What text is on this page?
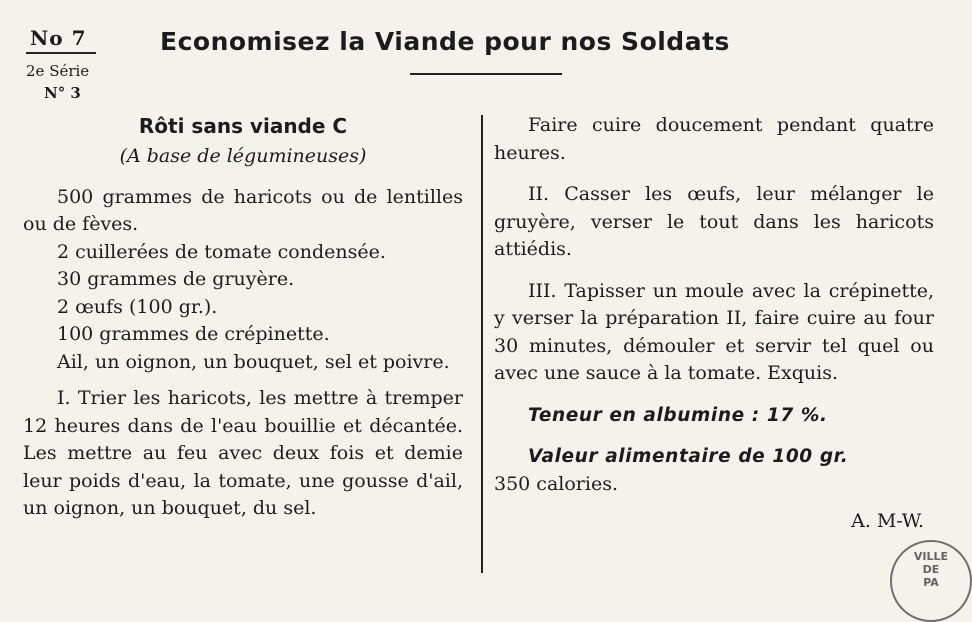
No 7
2e Série
N° 3
Economisez la Viande pour nos Soldats
Rôti sans viande C
(A base de légumineuses)

500 grammes de haricots ou de lentilles ou de fèves.

2 cuillerées de tomate condensée.

30 grammes de gruyère.

2 œufs (100 gr.).

100 grammes de crépinette.

Ail, un oignon, un bouquet, sel et poivre.

I. Trier les haricots, les mettre à tremper 12 heures dans de l'eau bouillie et décantée. Les mettre au feu avec deux fois et demie leur poids d'eau, la tomate, une gousse d'ail, un oignon, un bouquet, du sel.

Faire cuire doucement pendant quatre heures.

II. Casser les œufs, leur mélanger le gruyère, verser le tout dans les haricots attiédis.

III. Tapisser un moule avec la crépinette, y verser la préparation II, faire cuire au four 30 minutes, démouler et servir tel quel ou avec une sauce à la tomate. Exquis.

Teneur en albumine : 17 %.

Valeur alimentaire de 100 gr.

350 calories.

A. M-W.

VILLE
DE
PA
